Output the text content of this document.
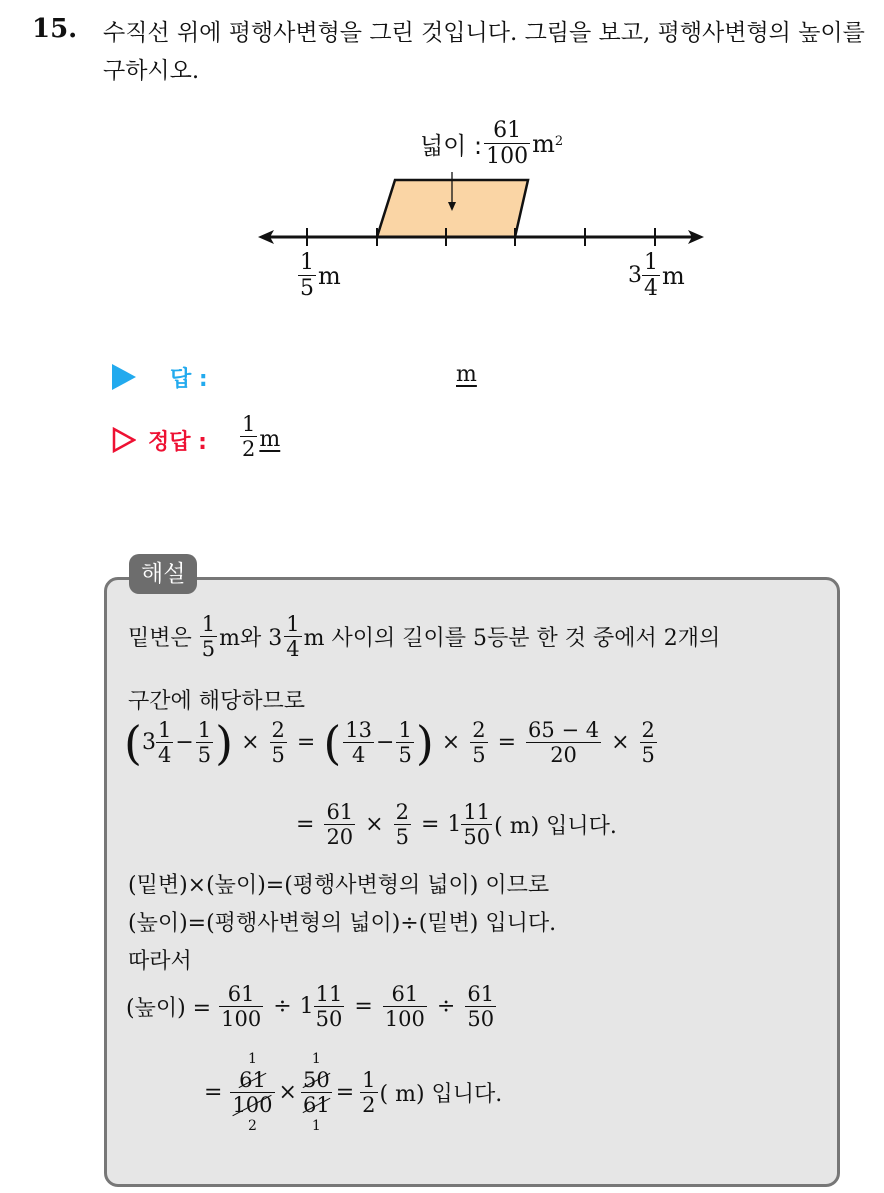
15. 수직선 위에 평행사변형을 그린 것입니다. 그림을 보고, 평행사변형의 높이를 구하시오.
넓이 : $\frac{61}{100}$ m 2
$\frac{1}{5}$ m	$3 \frac{1}{4}$ m
답 :	m
정답 : $\frac{1}{2}$ m
해설
밑변은 $\frac{1}{5}$ m와 $3 \frac{1}{4}$ m 사이의 길이를 5등분 한 것 중에서 2개의
구간에 해당하므로
( $3 \frac{1}{4} - \frac{1}{5}$ ) × $\frac{2}{5}$ = ( $\frac{13}{4} - \frac{1}{5}$ ) × $\frac{2}{5} = \frac{65 - 4}{20} \times \frac{2}{5}$
= $\frac{61}{20} \times \frac{2}{5} = 1 \frac{11}{50}$ ( m) 입니다.
(밑변)×(높이)=(평행사변형의 넓이) 이므로
(높이)=(평행사변형의 넓이)÷(밑변) 입니다.
따라서
(높이) = $\frac{61}{100} \div 1 \frac{11}{50} = \frac{61}{100} \div \frac{61}{50}$
=
1
$\frac{61}{100}$
2
×
1
$\frac{50}{61}$
1
= $\frac{1}{2}$ ( m) 입니다.
